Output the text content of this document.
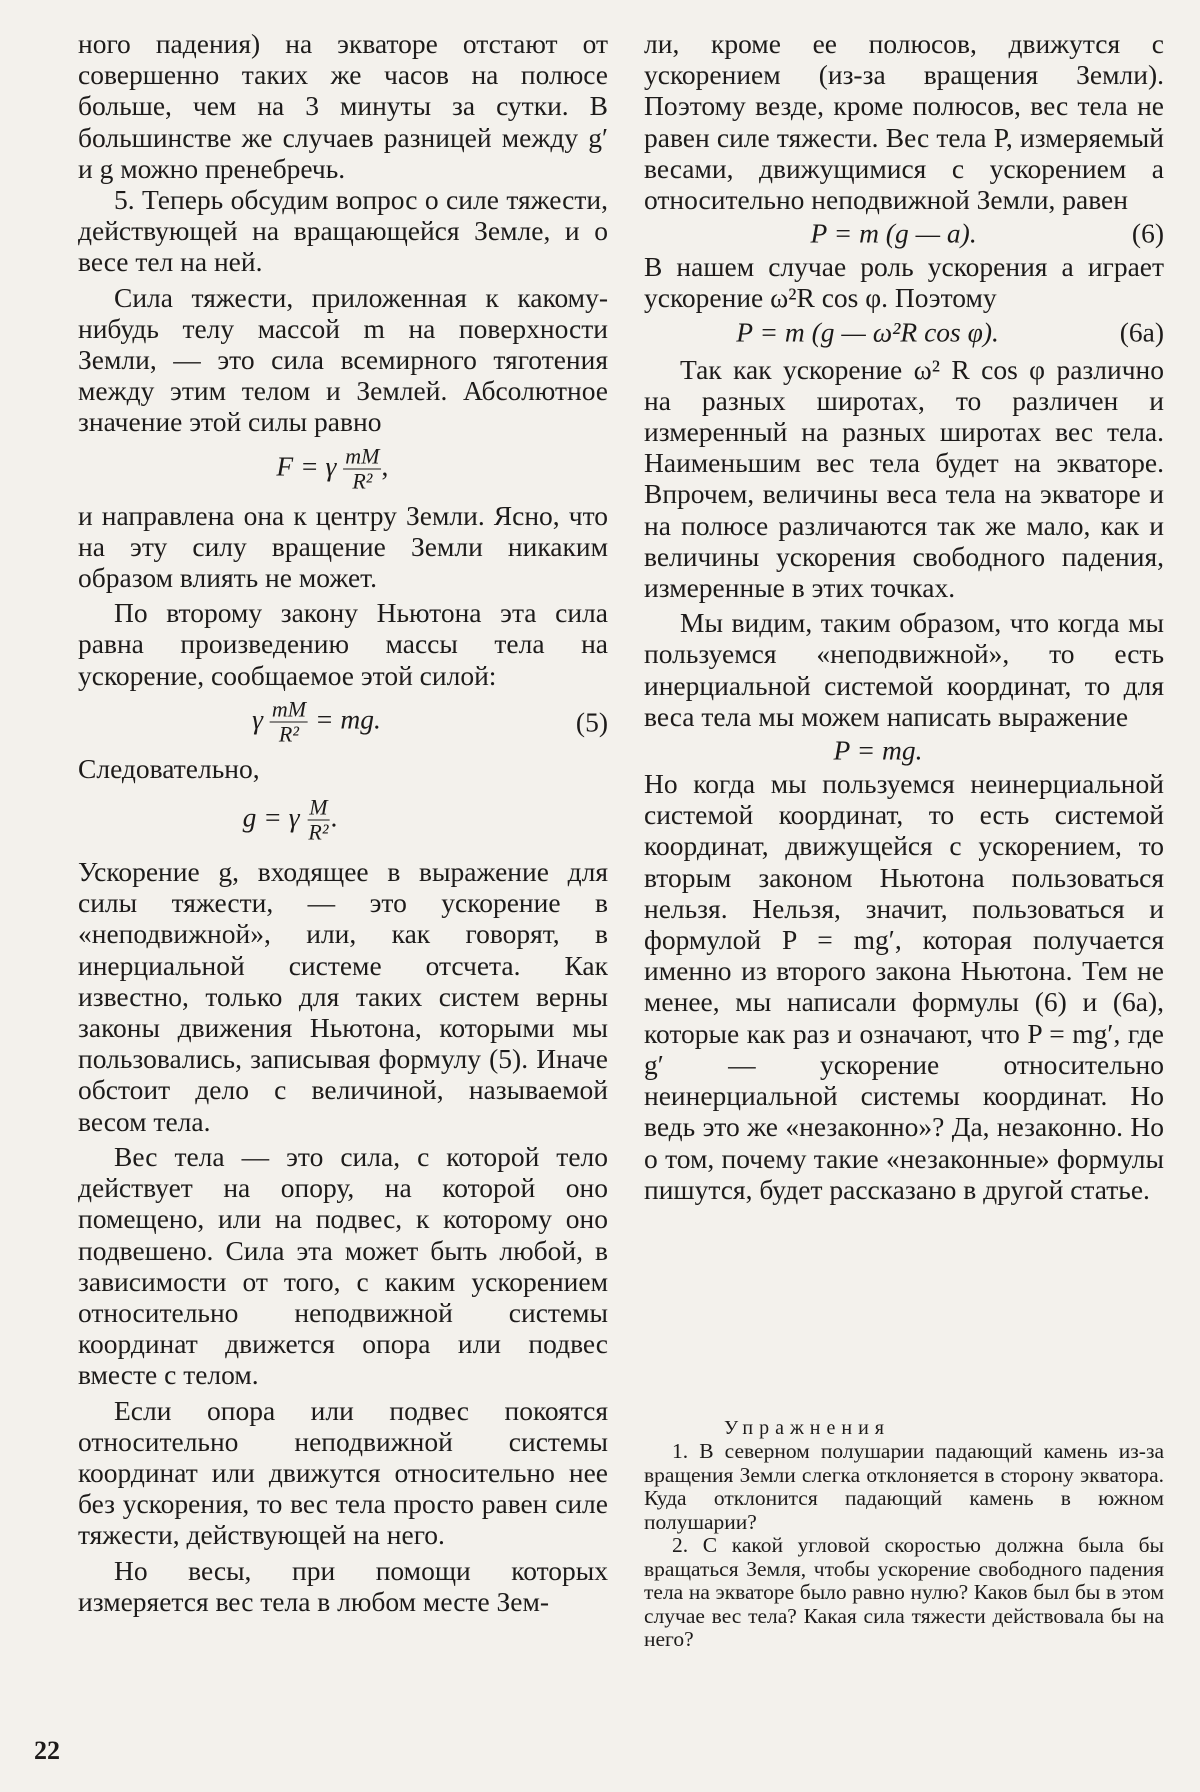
ного падения) на экваторе отстают от совершенно таких же часов на полюсе больше, чем на 3 минуты за сутки. В большинстве же случаев разницей между g′ и g можно пренебречь.

5. Теперь обсудим вопрос о силе тяжести, действующей на вращающейся Земле, и о весе тел на ней.

Сила тяжести, приложенная к какому-нибудь телу массой m на поверхности Земли, — это сила всемирного тяготения между этим телом и Землей. Абсолютное значение этой силы равно

F = γ $\frac{mM}{\text{R²}}$ ,

и направлена она к центру Земли. Ясно, что на эту силу вращение Земли никаким образом влиять не может.

По второму закону Ньютона эта сила равна произведению массы тела на ускорение, сообщаемое этой силой:

γ $\frac{mM}{\text{R²}}$ = mg.	(5)

Следовательно,

g = γ $\frac{M}{\text{R²}}$ .

Ускорение g, входящее в выражение для силы тяжести, — это ускорение в «неподвижной», или, как говорят, в инерциальной системе отсчета. Как известно, только для таких систем верны законы движения Ньютона, которыми мы пользовались, записывая формулу (5). Иначе обстоит дело с величиной, называемой весом тела.

Вес тела — это сила, с которой тело действует на опору, на которой оно помещено, или на подвес, к которому оно подвешено. Сила эта может быть любой, в зависимости от того, с каким ускорением относительно неподвижной системы координат движется опора или подвес вместе с телом.

Если опора или подвес покоятся относительно неподвижной системы координат или движутся относительно нее без ускорения, то вес тела просто равен силе тяжести, действующей на него.

Но весы, при помощи которых измеряется вес тела в любом месте Зем-

ли, кроме ее полюсов, движутся с ускорением (из-за вращения Земли). Поэтому везде, кроме полюсов, вес тела не равен силе тяжести. Вес тела P, измеряемый весами, движущимися с ускорением a относительно неподвижной Земли, равен

P = m (g — a).	(6)

В нашем случае роль ускорения a играет ускорение ω²R cos φ. Поэтому

P = m (g — ω²R cos φ).	(6а)

Так как ускорение ω² R cos φ различно на разных широтах, то различен и измеренный на разных широтах вес тела. Наименьшим вес тела будет на экваторе. Впрочем, величины веса тела на экваторе и на полюсе различаются так же мало, как и величины ускорения свободного падения, измеренные в этих точках.

Мы видим, таким образом, что когда мы пользуемся «неподвижной», то есть инерциальной системой координат, то для веса тела мы можем написать выражение

P = mg.

Но когда мы пользуемся неинерциальной системой координат, то есть системой координат, движущейся с ускорением, то вторым законом Ньютона пользоваться нельзя. Нельзя, значит, пользоваться и формулой P = mg′, которая получается именно из второго закона Ньютона. Тем не менее, мы написали формулы (6) и (6а), которые как раз и означают, что P = mg′, где g′ — ускорение относительно неинерциальной системы координат. Но ведь это же «незаконно»? Да, незаконно. Но о том, почему такие «незаконные» формулы пишутся, будет рассказано в другой статье.

Упражнения

1. В северном полушарии падающий камень из-за вращения Земли слегка отклоняется в сторону экватора. Куда отклонится падающий камень в южном полушарии?

2. С какой угловой скоростью должна была бы вращаться Земля, чтобы ускорение свободного падения тела на экваторе было равно нулю? Каков был бы в этом случае вес тела? Какая сила тяжести действовала бы на него?

22
